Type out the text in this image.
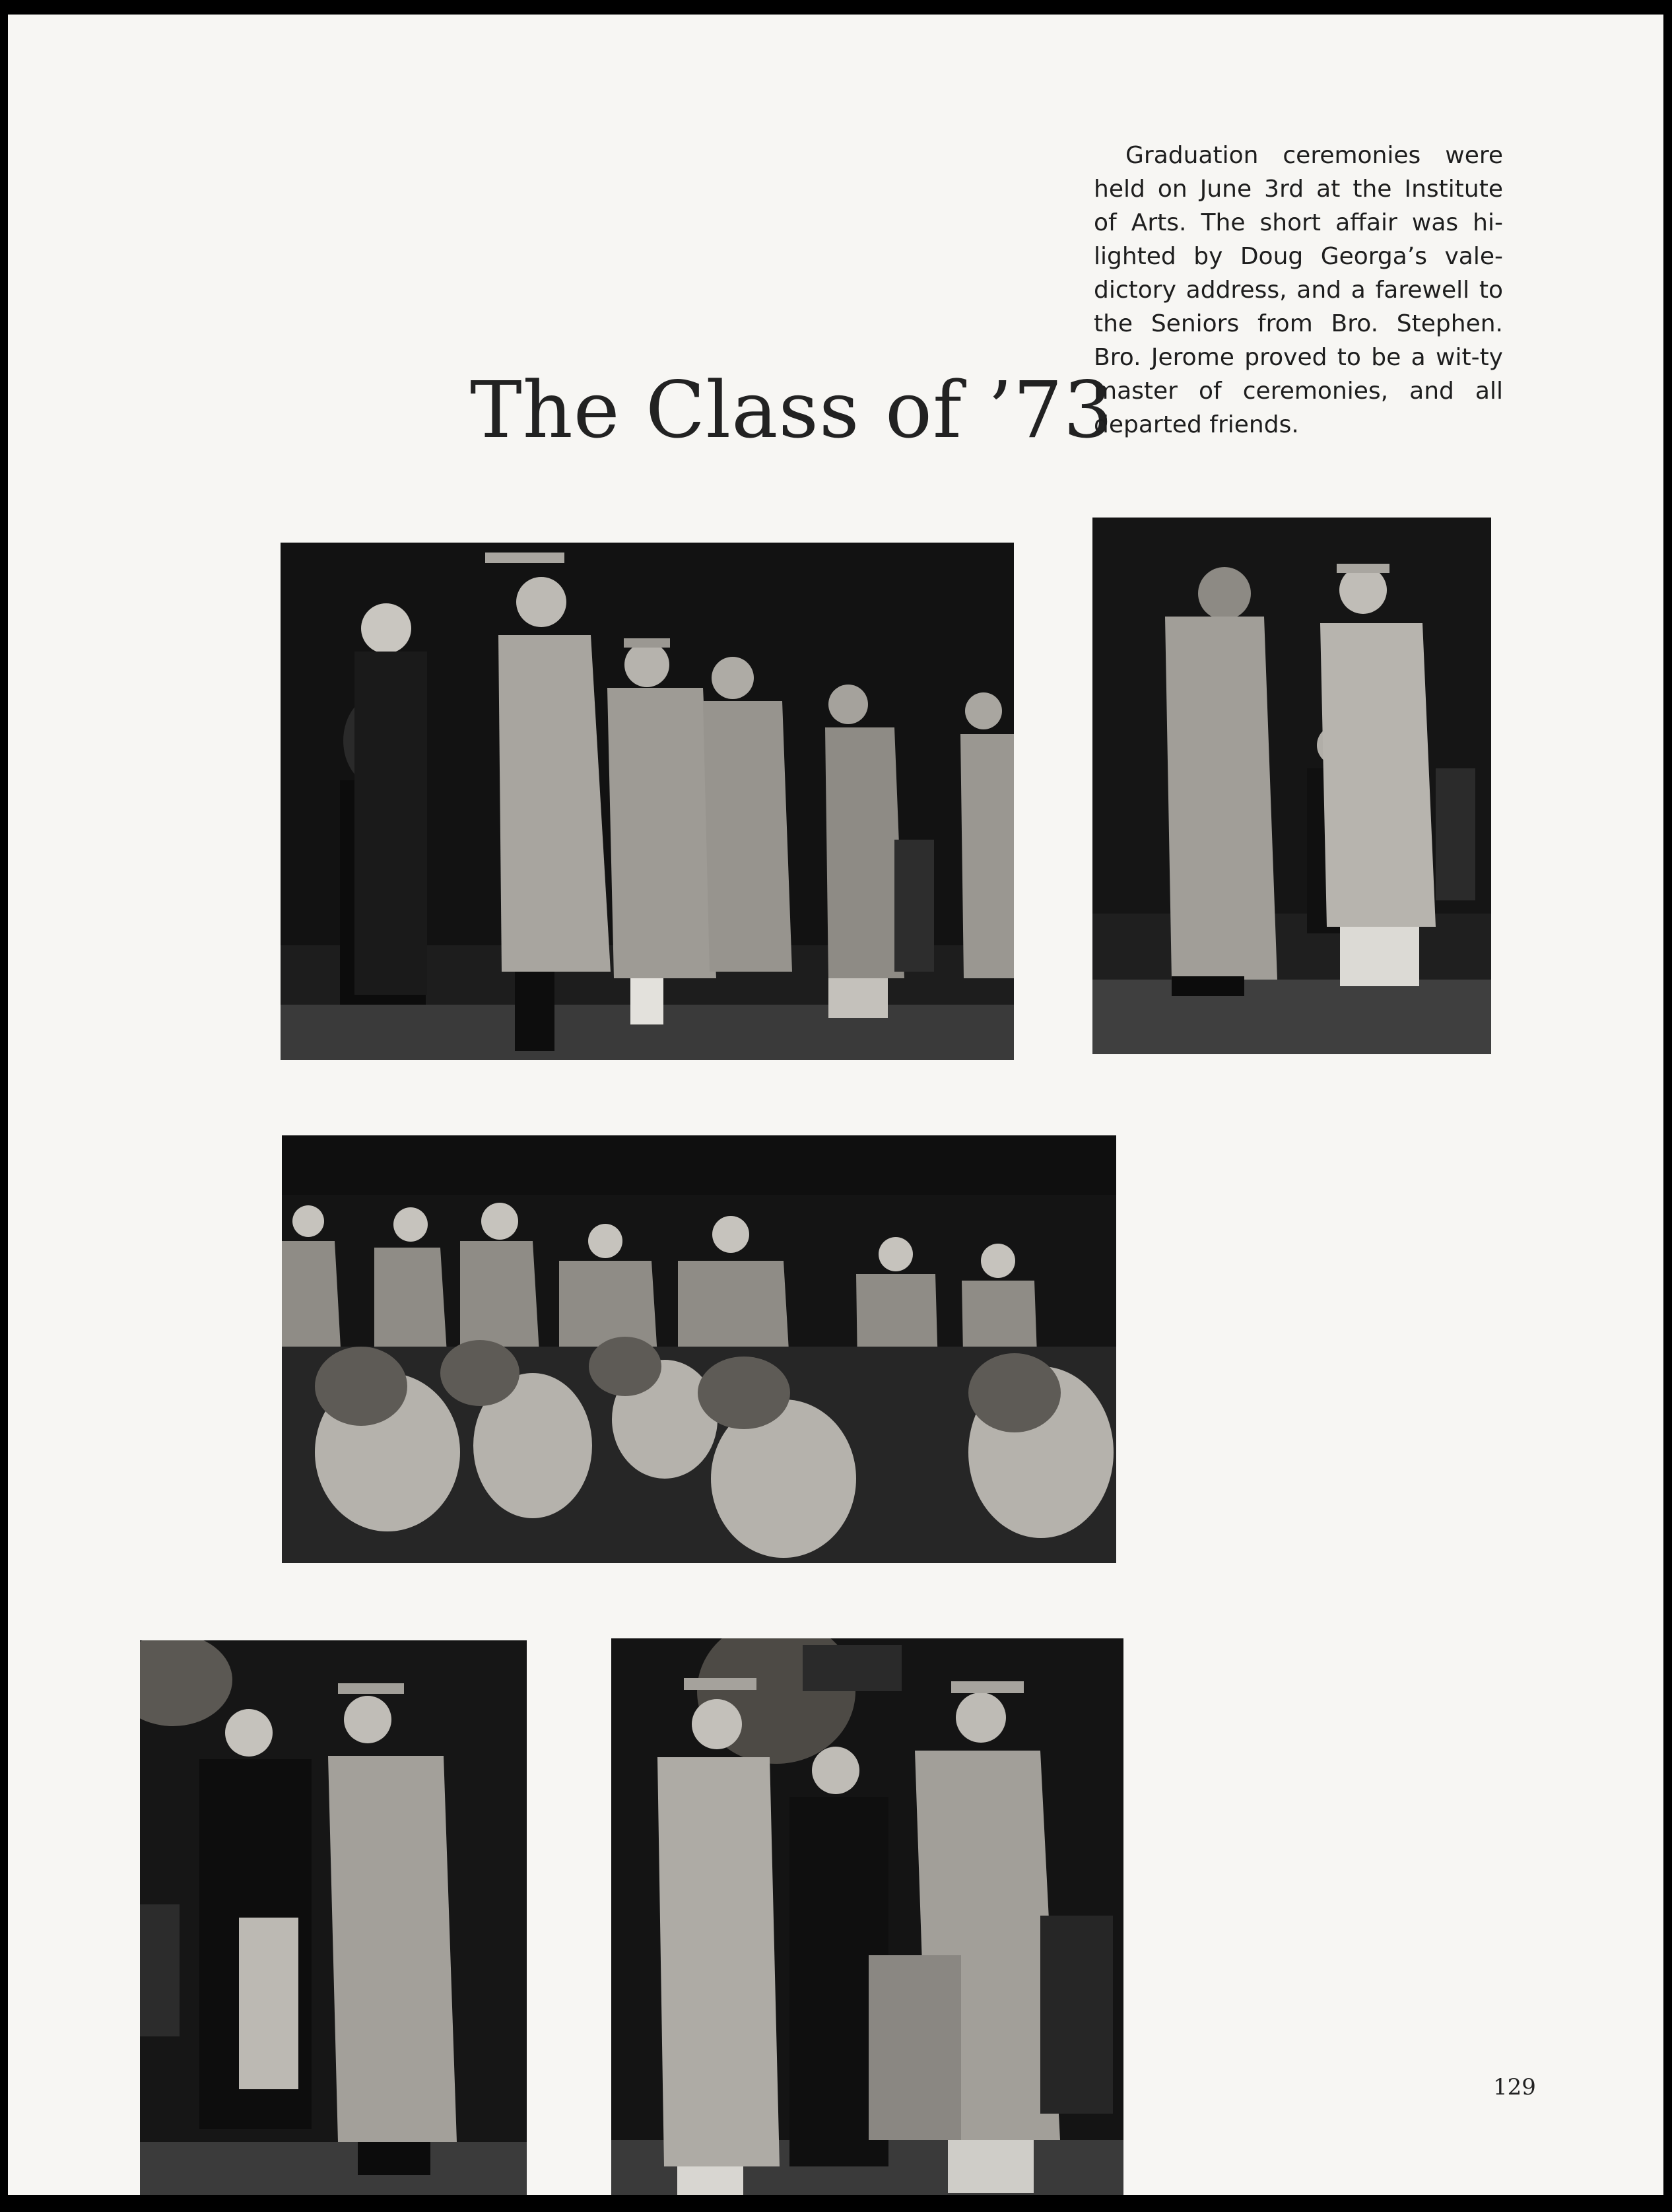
The Class of ’73
Graduation ceremonies were held on June 3rd at the Institute of Arts. The short affair was hi-lighted by Doug Georga’s vale-dictory address, and a farewell to the Seniors from Bro. Stephen. Bro. Jerome proved to be a wit-ty master of ceremonies, and all departed friends.
129
